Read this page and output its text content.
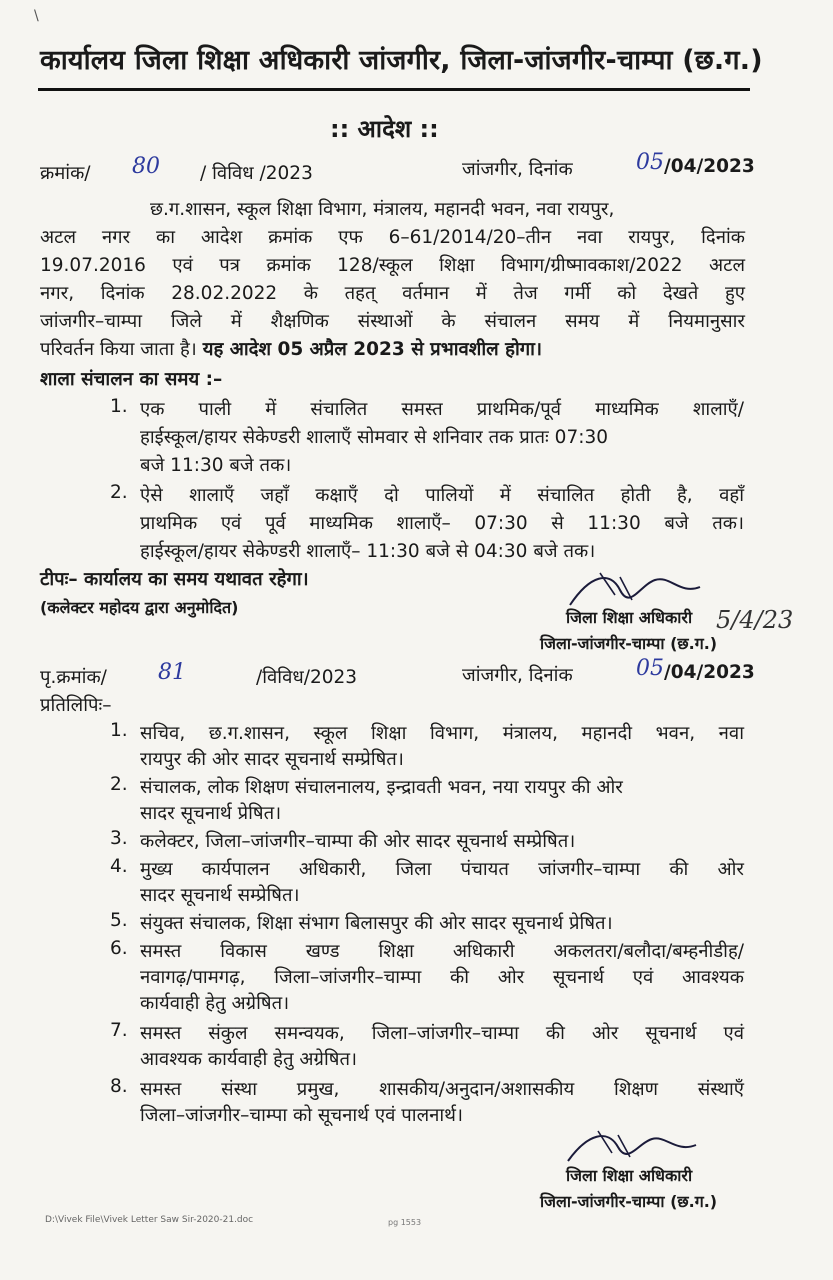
\
कार्यालय जिला शिक्षा अधिकारी जांजगीर, जिला-जांजगीर-चाम्पा (छ.ग.)
:: आदेश ::
क्रमांक/ 80 / विविध /2023	जांजगीर, दिनांक	05 /04/2023
छ.ग.शासन, स्कूल शिक्षा विभाग, मंत्रालय, महानदी भवन, नवा रायपुर,
अटल नगर का आदेश क्रमांक एफ 6–61/2014/20–तीन नवा रायपुर, दिनांक
19.07.2016 एवं पत्र क्रमांक 128/स्कूल शिक्षा विभाग/ग्रीष्मावकाश/2022 अटल
नगर, दिनांक 28.02.2022 के तहत् वर्तमान में तेज गर्मी को देखते हुए
जांजगीर–चाम्पा जिले में शैक्षणिक संस्थाओं के संचालन समय में नियमानुसार
परिवर्तन किया जाता है। यह आदेश 05 अप्रैल 2023 से प्रभावशील होगा।
शाला संचालन का समय :–
1. एक पाली में संचालित समस्त प्राथमिक/पूर्व माध्यमिक शालाएँ/
हाईस्कूल/हायर सेकेण्डरी शालाएँ सोमवार से शनिवार तक प्रातः 07:30
बजे 11:30 बजे तक।
2. ऐसे शालाएँ जहाँ कक्षाएँ दो पालियों में संचालित होती है, वहाँ
प्राथमिक एवं पूर्व माध्यमिक शालाएँ– 07:30 से 11:30 बजे तक।
हाईस्कूल/हायर सेकेण्डरी शालाएँ– 11:30 बजे से 04:30 बजे तक।
टीपः– कार्यालय का समय यथावत रहेगा।
(कलेक्टर महोदय द्वारा अनुमोदित)
जिला शिक्षा अधिकारी
जिला-जांजगीर-चाम्पा (छ.ग.)
5/4/23
पृ.क्रमांक/ 81	/विविध/2023	जांजगीर, दिनांक	05 /04/2023
प्रतिलिपिः–
1. सचिव, छ.ग.शासन, स्कूल शिक्षा विभाग, मंत्रालय, महानदी भवन, नवा
रायपुर की ओर सादर सूचनार्थ सम्प्रेषित।
2. संचालक, लोक शिक्षण संचालनालय, इन्द्रावती भवन, नया रायपुर की ओर
सादर सूचनार्थ प्रेषित।
3. कलेक्टर, जिला–जांजगीर–चाम्पा की ओर सादर सूचनार्थ सम्प्रेषित।
4. मुख्य कार्यपालन अधिकारी, जिला पंचायत जांजगीर–चाम्पा की ओर
सादर सूचनार्थ सम्प्रेषित।
5. संयुक्त संचालक, शिक्षा संभाग बिलासपुर की ओर सादर सूचनार्थ प्रेषित।
6. समस्त विकास खण्ड शिक्षा अधिकारी अकलतरा/बलौदा/बम्हनीडीह/
नवागढ़/पामगढ़, जिला–जांजगीर–चाम्पा की ओर सूचनार्थ एवं आवश्यक
कार्यवाही हेतु अग्रेषित।
7. समस्त संकुल समन्वयक, जिला–जांजगीर–चाम्पा की ओर सूचनार्थ एवं
आवश्यक कार्यवाही हेतु अग्रेषित।
8. समस्त संस्था प्रमुख, शासकीय/अनुदान/अशासकीय शिक्षण संस्थाएँ
जिला–जांजगीर–चाम्पा को सूचनार्थ एवं पालनार्थ।
जिला शिक्षा अधिकारी
जिला-जांजगीर-चाम्पा (छ.ग.)
D:\Vivek File\Vivek Letter Saw Sir-2020-21.doc	pg 1553
